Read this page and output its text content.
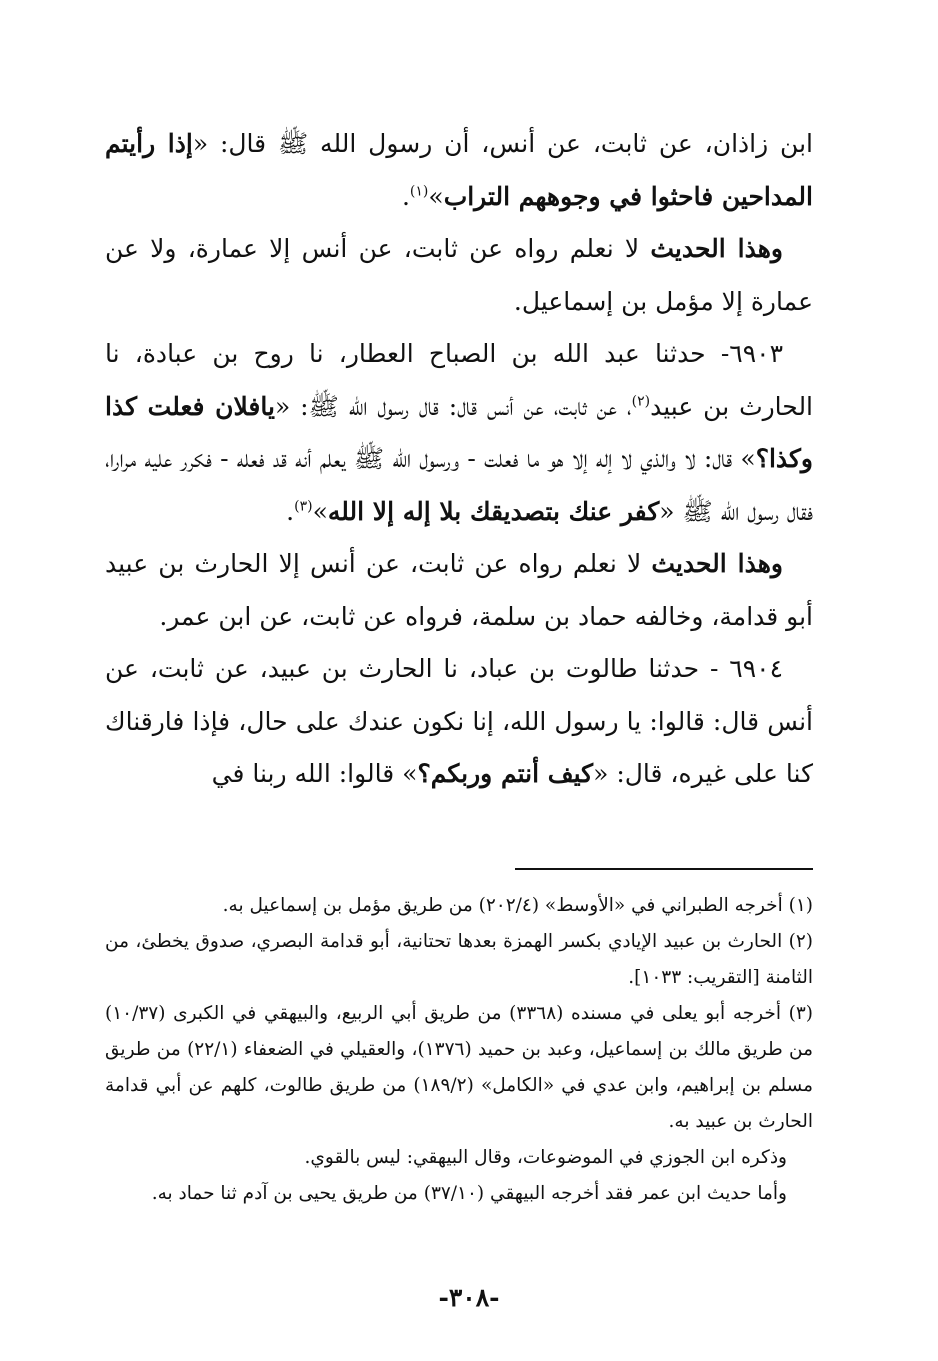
ابن زاذان، عن ثابت، عن أنس، أن رسول الله ﷺ قال: «إذا رأيتم المداحين فاحثوا في وجوههم التراب»$^{(١)}$.

وهذا الحديث لا نعلم رواه عن ثابت، عن أنس إلا عمارة، ولا عن عمارة إلا مؤمل بن إسماعيل.

٦٩٠٣- حدثنا عبد الله بن الصباح العطار، نا روح بن عبادة، نا الحارث بن عبيد$^{(٢)}$، عن ثابت، عن أنس قال: قال رسول الله ﷺ: «يافلان فعلت كذا وكذا؟» قال: لا والذي لا إله إلا هو ما فعلت - ورسول الله ﷺ يعلم أنه قد فعله - فكرر عليه مرارا، فقال رسول الله ﷺ «كفر عنك بتصديقك بلا إله إلا الله»$^{(٣)}$.

وهذا الحديث لا نعلم رواه عن ثابت، عن أنس إلا الحارث بن عبيد أبو قدامة، وخالفه حماد بن سلمة، فرواه عن ثابت، عن ابن عمر.

٦٩٠٤ - حدثنا طالوت بن عباد، نا الحارث بن عبيد، عن ثابت، عن أنس قال: قالوا: يا رسول الله، إنا نكون عندك على حال، فإذا فارقناك كنا على غيره، قال: «كيف أنتم وربكم؟» قالوا: الله ربنا في

(١) أخرجه الطبراني في «الأوسط» (٢٠٢/٤) من طريق مؤمل بن إسماعيل به.

(٢) الحارث بن عبيد الإيادي بكسر الهمزة بعدها تحتانية، أبو قدامة البصري، صدوق يخطئ، من الثامنة [التقريب: ١٠٣٣].

(٣) أخرجه أبو يعلى في مسنده (٣٣٦٨) من طريق أبي الربيع، والبيهقي في الكبرى (١٠/٣٧) من طريق مالك بن إسماعيل، وعبد بن حميد (١٣٧٦)، والعقيلي في الضعفاء (٢٢/١) من طريق مسلم بن إبراهيم، وابن عدي في «الكامل» (١٨٩/٢) من طريق طالوت، كلهم عن أبي قدامة الحارث بن عبيد به.

وذكره ابن الجوزي في الموضوعات، وقال البيهقي: ليس بالقوي.

وأما حديث ابن عمر فقد أخرجه البيهقي (٣٧/١٠) من طريق يحيى بن آدم ثنا حماد به.

-٣٠٨-
